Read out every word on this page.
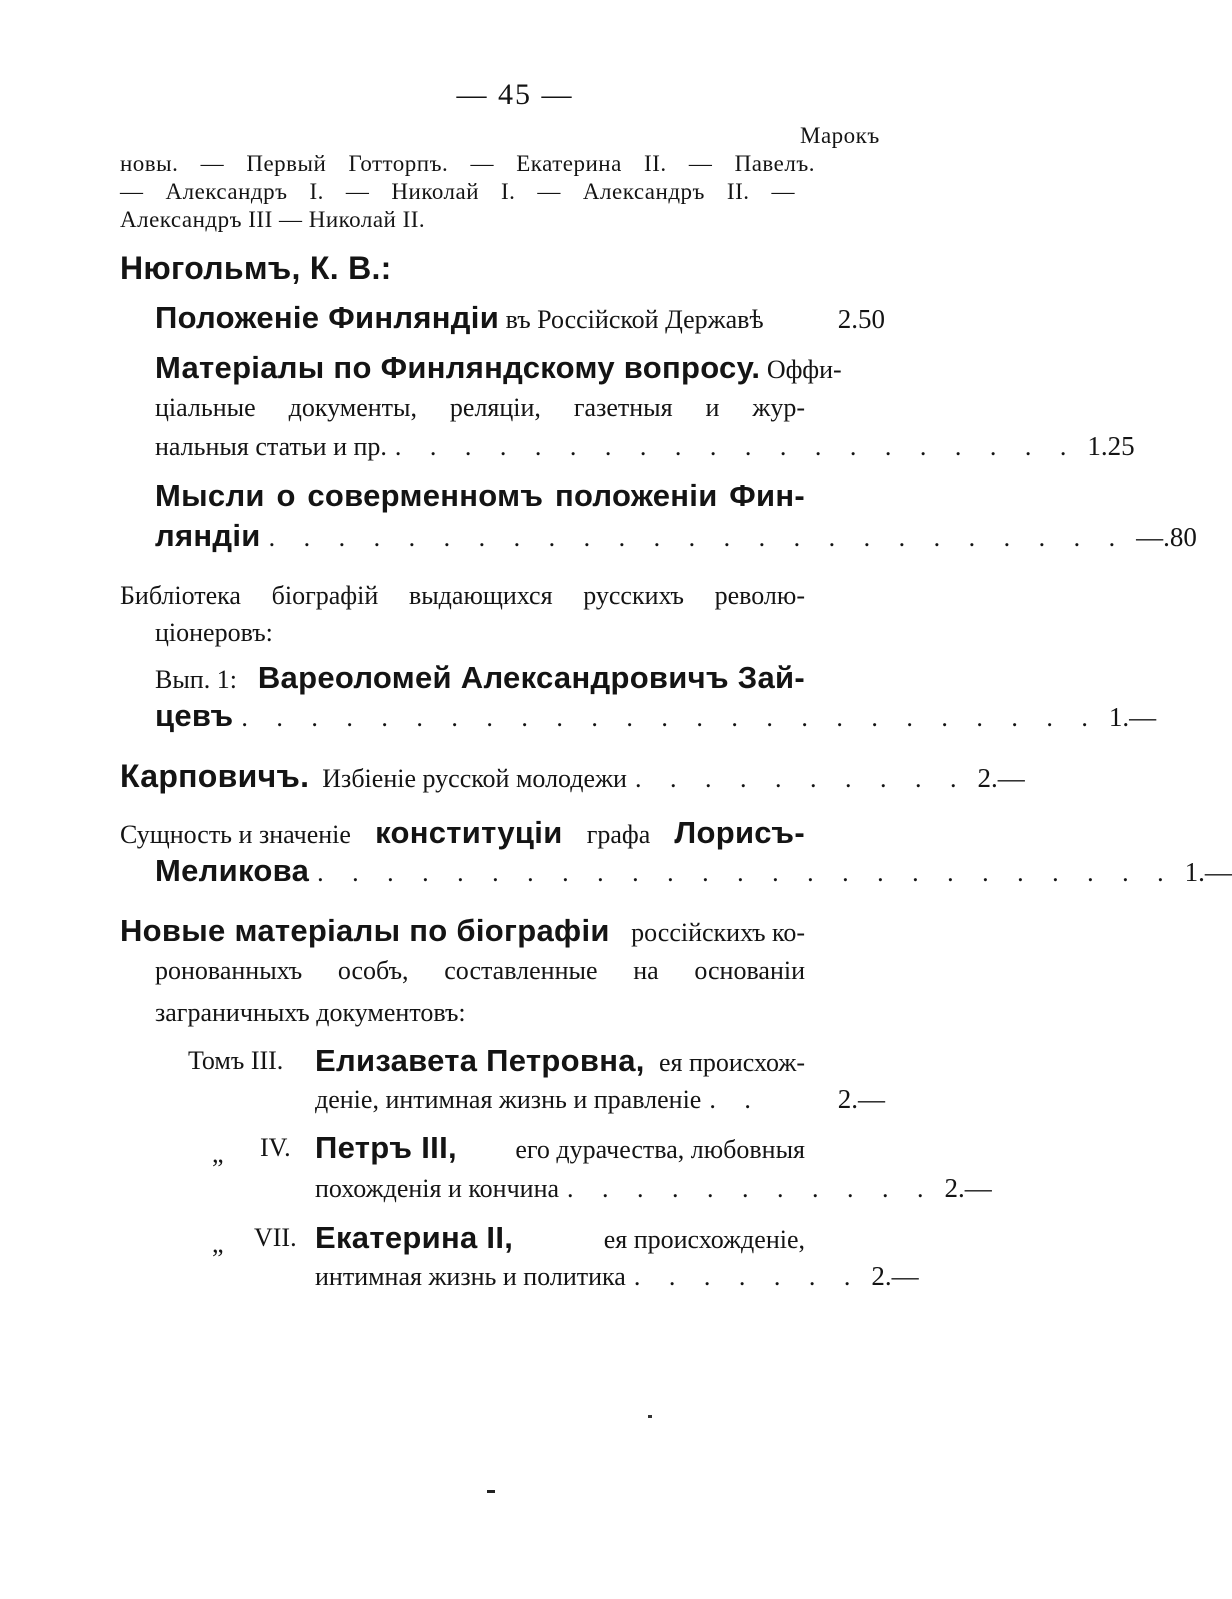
— 45 —
Марокъ
новы. — Первый Готторпъ. — Екатерина II. — Павелъ.
— Александръ I. — Николай I. — Александръ II. —
Александръ III — Николай II.
Нюгольмъ, К. В.:
Положеніе Финляндіи въ Россійской Державѣ	2.50
Матеріалы по Финляндскому вопросу. Оффи-
ціальные документы, реляціи, газетныя и жур-
нальныя статьи и пр. . . . . . . . . . . . . . . . . . . . . 1.25
Мысли о соверменномъ положеніи Фин-
ляндіи . . . . . . . . . . . . . . . . . . . . . . . . . —.80
Библіотека біографій выдающихся русскихъ револю-
ціонеровъ:
Вып. 1: Вареоломей Александровичъ Зай-
цевъ . . . . . . . . . . . . . . . . . . . . . . . . . 1.—
Карповичъ. Избіеніе русской молодежи . . . . . . . . . . 2.—
Сущность и значеніе конституціи графа Лорисъ-
Меликова . . . . . . . . . . . . . . . . . . . . . . . . . 1.—
Новые матеріалы по біографіи россійскихъ ко-
ронованныхъ особъ, составленные на основаніи
заграничныхъ документовъ:
Томъ III. Елизавета Петровна, ея происхож-
деніе, интимная жизнь и правленіе . .	2.—
„ IV. Петръ III, его дурачества, любовныя
похожденія и кончина . . . . . . . . . . . 2.—
„ VII. Екатерина II,	ея происхожденіе,
интимная жизнь и политика . . . . . . . 2.—
